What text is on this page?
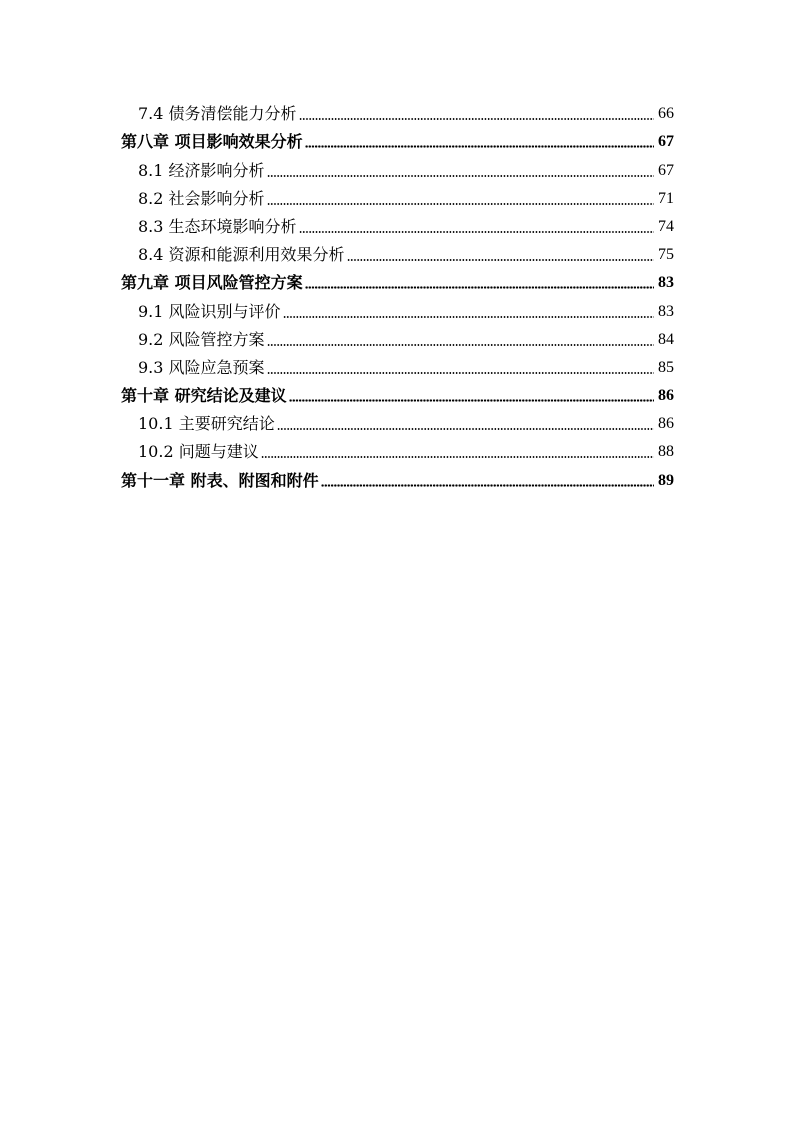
7.4 债务清偿能力分析	66
第八章 项目影响效果分析	67
8.1 经济影响分析	67
8.2 社会影响分析	71
8.3 生态环境影响分析	74
8.4 资源和能源利用效果分析	75
第九章 项目风险管控方案	83
9.1 风险识别与评价	83
9.2 风险管控方案	84
9.3 风险应急预案	85
第十章 研究结论及建议	86
10.1 主要研究结论	86
10.2 问题与建议	88
第十一章 附表、附图和附件	89
